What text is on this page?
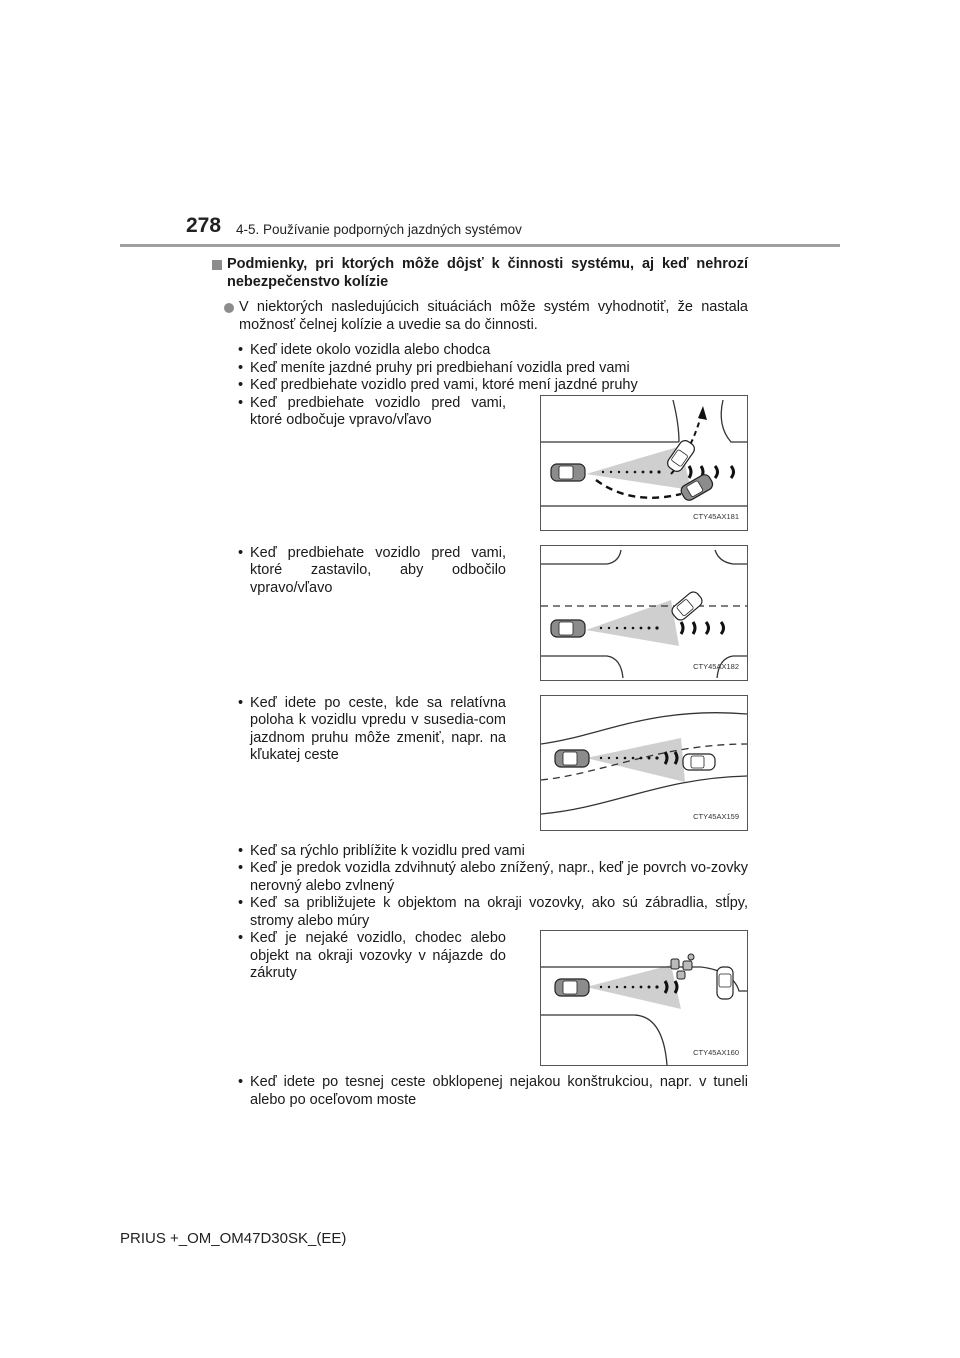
278 4-5. Používanie podporných jazdných systémov
Podmienky, pri ktorých môže dôjsť k činnosti systému, aj keď nehrozí nebezpečenstvo kolízie
V niektorých nasledujúcich situáciách môže systém vyhodnotiť, že nastala možnosť čelnej kolízie a uvedie sa do činnosti.
• Keď idete okolo vozidla alebo chodca
• Keď meníte jazdné pruhy pri predbiehaní vozidla pred vami
• Keď predbiehate vozidlo pred vami, ktoré mení jazdné pruhy
• Keď predbiehate vozidlo pred vami, ktoré odbočuje vpravo/vľavo
CTY45AX181
• Keď predbiehate vozidlo pred vami, ktoré zastavilo, aby odbočilo vpravo/vľavo
CTY45AX182
• Keď idete po ceste, kde sa relatívna poloha k vozidlu vpredu v susedia-com jazdnom pruhu môže zmeniť, napr. na kľukatej ceste
CTY45AX159
• Keď sa rýchlo priblížite k vozidlu pred vami
• Keď je predok vozidla zdvihnutý alebo znížený, napr., keď je povrch vo-zovky nerovný alebo zvlnený
• Keď sa približujete k objektom na okraji vozovky, ako sú zábradlia, stĺpy, stromy alebo múry
• Keď je nejaké vozidlo, chodec alebo objekt na okraji vozovky v nájazde do zákruty
CTY45AX160
• Keď idete po tesnej ceste obklopenej nejakou konštrukciou, napr. v tuneli alebo po oceľovom moste
PRIUS +_OM_OM47D30SK_(EE)
